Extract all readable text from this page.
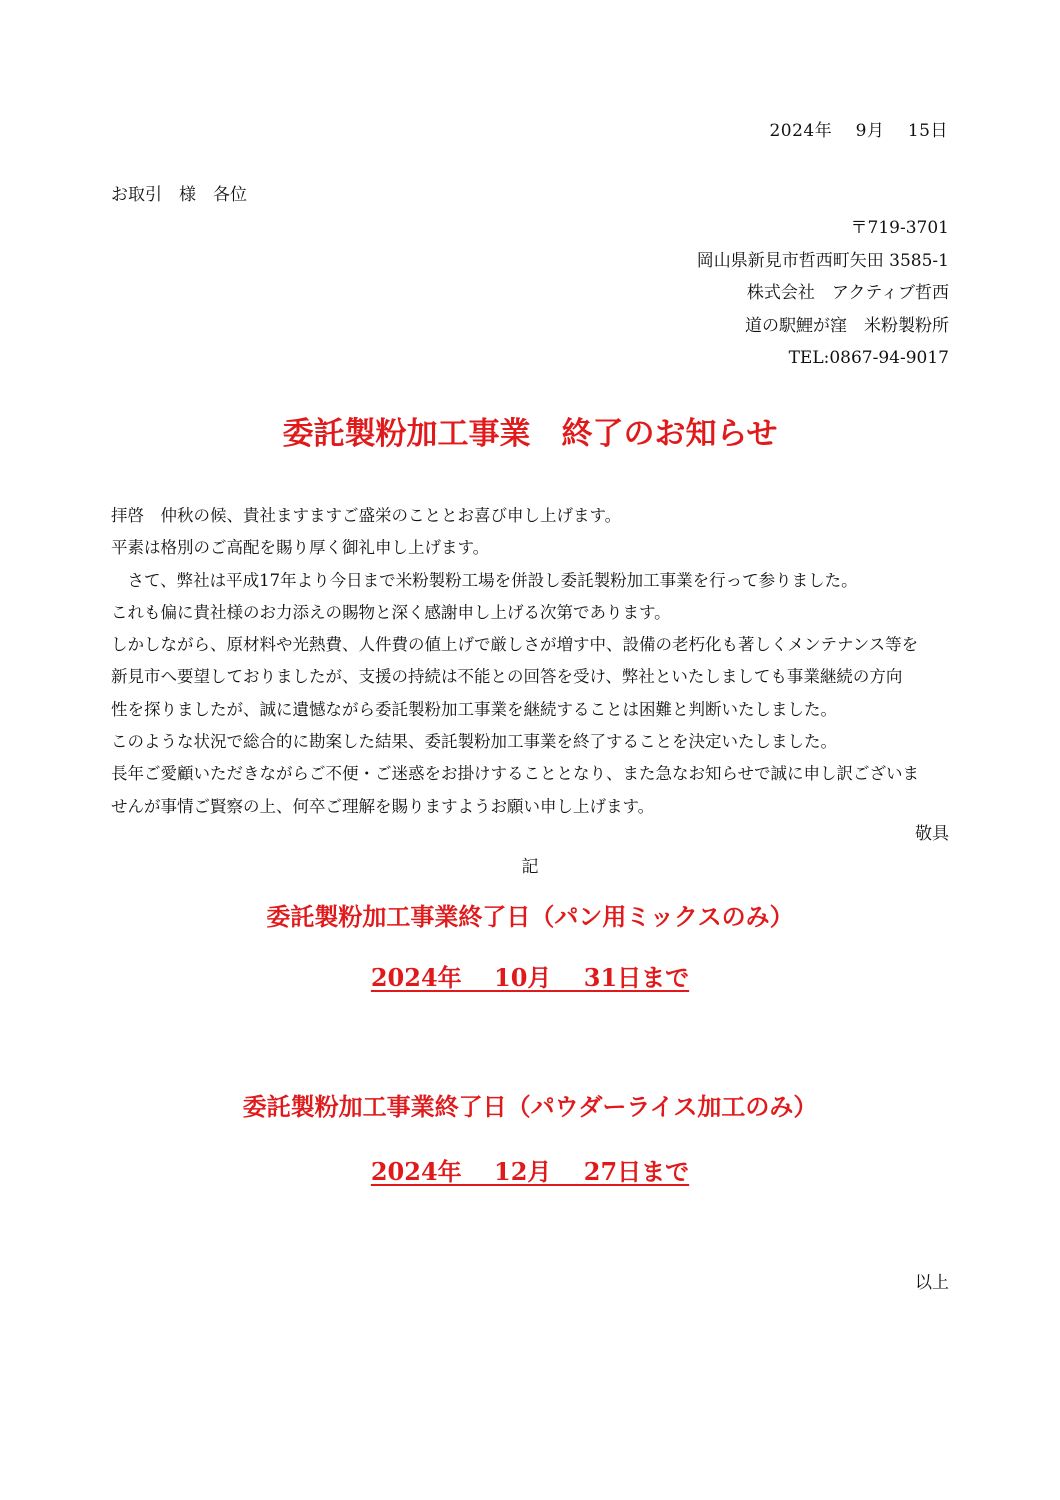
2024年　 9月　 15日
お取引　様　各位
〒719-3701
岡山県新見市哲西町矢田 3585-1
株式会社　アクティブ哲西
道の駅鯉が窪　米粉製粉所
TEL:0867-94-9017
委託製粉加工事業　終了のお知らせ
拝啓　仲秋の候、貴社ますますご盛栄のこととお喜び申し上げます。
平素は格別のご高配を賜り厚く御礼申し上げます。
　さて、弊社は平成17年より今日まで米粉製粉工場を併設し委託製粉加工事業を行って参りました。
これも偏に貴社様のお力添えの賜物と深く感謝申し上げる次第であります。
しかしながら、原材料や光熱費、人件費の値上げで厳しさが増す中、設備の老朽化も著しくメンテナンス等を
新見市へ要望しておりましたが、支援の持続は不能との回答を受け、弊社といたしましても事業継続の方向
性を探りましたが、誠に遺憾ながら委託製粉加工事業を継続することは困難と判断いたしました。
このような状況で総合的に勘案した結果、委託製粉加工事業を終了することを決定いたしました。
長年ご愛顧いただきながらご不便・ご迷惑をお掛けすることとなり、また急なお知らせで誠に申し訳ございま
せんが事情ご賢察の上、何卒ご理解を賜りますようお願い申し上げます。
敬具
記
委託製粉加工事業終了日（パン用ミックスのみ）
2024年　 10月　 31日まで
委託製粉加工事業終了日（パウダーライス加工のみ）
2024年　 12月　 27日まで
以上
